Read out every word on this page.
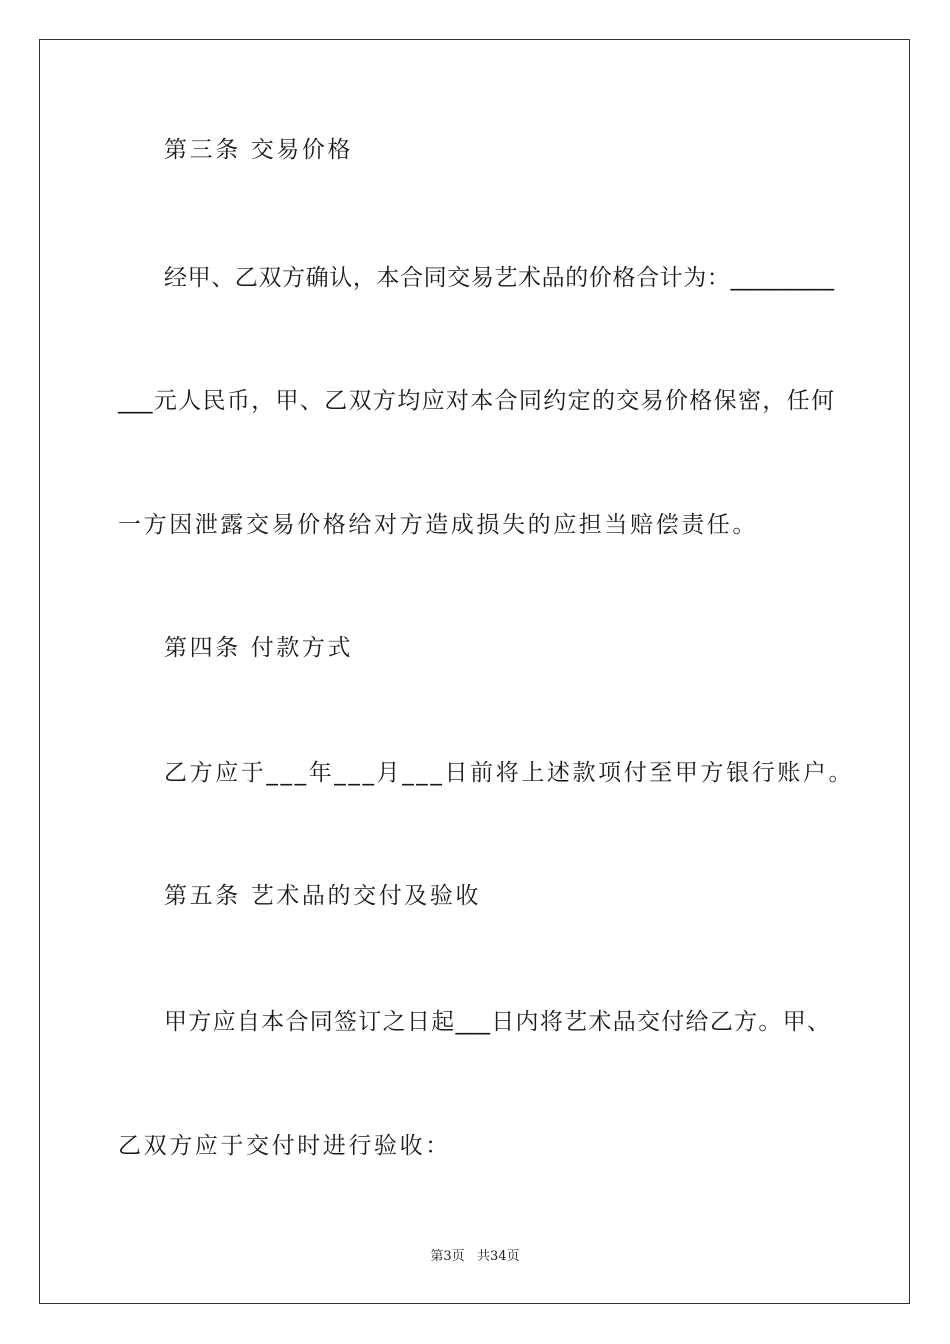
第三条 交易价格
经甲、乙双方确认，本合同交易艺术品的价格合计为：_________
___元人民币，甲、乙双方均应对本合同约定的交易价格保密，任何
一方因泄露交易价格给对方造成损失的应担当赔偿责任。
第四条 付款方式
乙方应于___年___月___日前将上述款项付至甲方银行账户。
第五条 艺术品的交付及验收
甲方应自本合同签订之日起___日内将艺术品交付给乙方。甲、
乙双方应于交付时进行验收：
第3页   共34页
